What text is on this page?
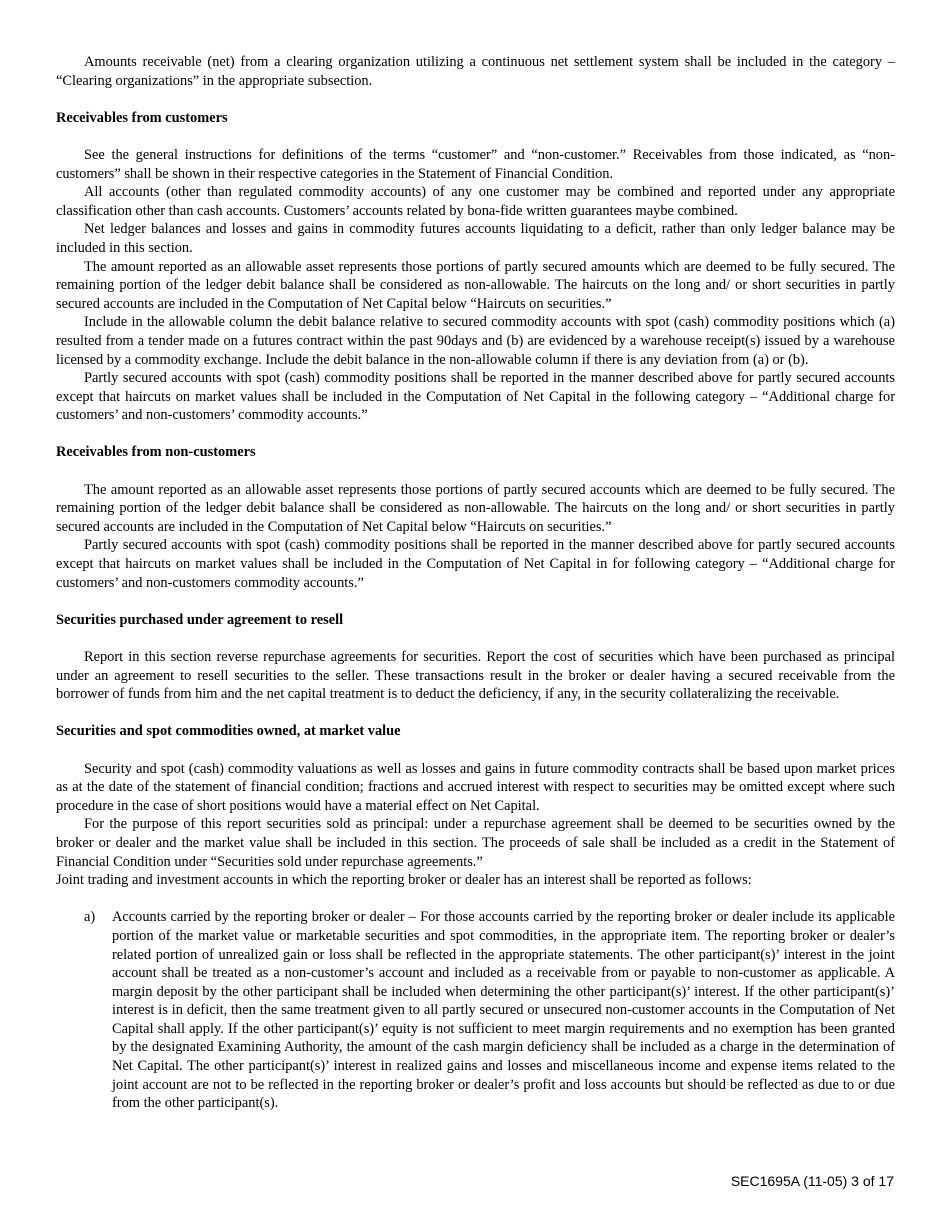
Amounts receivable (net) from a clearing organization utilizing a continuous net settlement system shall be included in the category – “Clearing organizations” in the appropriate subsection.

Receivables from customers

See the general instructions for definitions of the terms “customer” and “non-customer.” Receivables from those indicated, as “non-customers” shall be shown in their respective categories in the Statement of Financial Condition.

All accounts (other than regulated commodity accounts) of any one customer may be combined and reported under any appropriate classification other than cash accounts. Customers’ accounts related by bona-fide written guarantees maybe combined.

Net ledger balances and losses and gains in commodity futures accounts liquidating to a deficit, rather than only ledger balance may be included in this section.

The amount reported as an allowable asset represents those portions of partly secured amounts which are deemed to be fully secured. The remaining portion of the ledger debit balance shall be considered as non-allowable. The haircuts on the long and/ or short securities in partly secured accounts are included in the Computation of Net Capital below “Haircuts on securities.”

Include in the allowable column the debit balance relative to secured commodity accounts with spot (cash) commodity positions which (a) resulted from a tender made on a futures contract within the past 90days and (b) are evidenced by a warehouse receipt(s) issued by a warehouse licensed by a commodity exchange. Include the debit balance in the non-allowable column if there is any deviation from (a) or (b).

Partly secured accounts with spot (cash) commodity positions shall be reported in the manner described above for partly secured accounts except that haircuts on market values shall be included in the Computation of Net Capital in the following category – “Additional charge for customers’ and non-customers’ commodity accounts.”

Receivables from non-customers

The amount reported as an allowable asset represents those portions of partly secured accounts which are deemed to be fully secured. The remaining portion of the ledger debit balance shall be considered as non-allowable. The haircuts on the long and/ or short securities in partly secured accounts are included in the Computation of Net Capital below “Haircuts on securities.”

Partly secured accounts with spot (cash) commodity positions shall be reported in the manner described above for partly secured accounts except that haircuts on market values shall be included in the Computation of Net Capital in for following category – “Additional charge for customers’ and non-customers commodity accounts.”

Securities purchased under agreement to resell

Report in this section reverse repurchase agreements for securities. Report the cost of securities which have been purchased as principal under an agreement to resell securities to the seller. These transactions result in the broker or dealer having a secured receivable from the borrower of funds from him and the net capital treatment is to deduct the deficiency, if any, in the security collateralizing the receivable.

Securities and spot commodities owned, at market value

Security and spot (cash) commodity valuations as well as losses and gains in future commodity contracts shall be based upon market prices as at the date of the statement of financial condition; fractions and accrued interest with respect to securities may be omitted except where such procedure in the case of short positions would have a material effect on Net Capital.

For the purpose of this report securities sold as principal: under a repurchase agreement shall be deemed to be securities owned by the broker or dealer and the market value shall be included in this section. The proceeds of sale shall be included as a credit in the Statement of Financial Condition under “Securities sold under repurchase agreements.”

Joint trading and investment accounts in which the reporting broker or dealer has an interest shall be reported as follows:

a) Accounts carried by the reporting broker or dealer – For those accounts carried by the reporting broker or dealer include its applicable portion of the market value or marketable securities and spot commodities, in the appropriate item. The reporting broker or dealer’s related portion of unrealized gain or loss shall be reflected in the appropriate statements. The other participant(s)’ interest in the joint account shall be treated as a non-customer’s account and included as a receivable from or payable to non-customer as applicable. A margin deposit by the other participant shall be included when determining the other participant(s)’ interest. If the other participant(s)’ interest is in deficit, then the same treatment given to all partly secured or unsecured non-customer accounts in the Computation of Net Capital shall apply. If the other participant(s)’ equity is not sufficient to meet margin requirements and no exemption has been granted by the designated Examining Authority, the amount of the cash margin deficiency shall be included as a charge in the determination of Net Capital. The other participant(s)’ interest in realized gains and losses and miscellaneous income and expense items related to the joint account are not to be reflected in the reporting broker or dealer’s profit and loss accounts but should be reflected as due to or due from the other participant(s).

SEC1695A (11-05) 3 of 17
